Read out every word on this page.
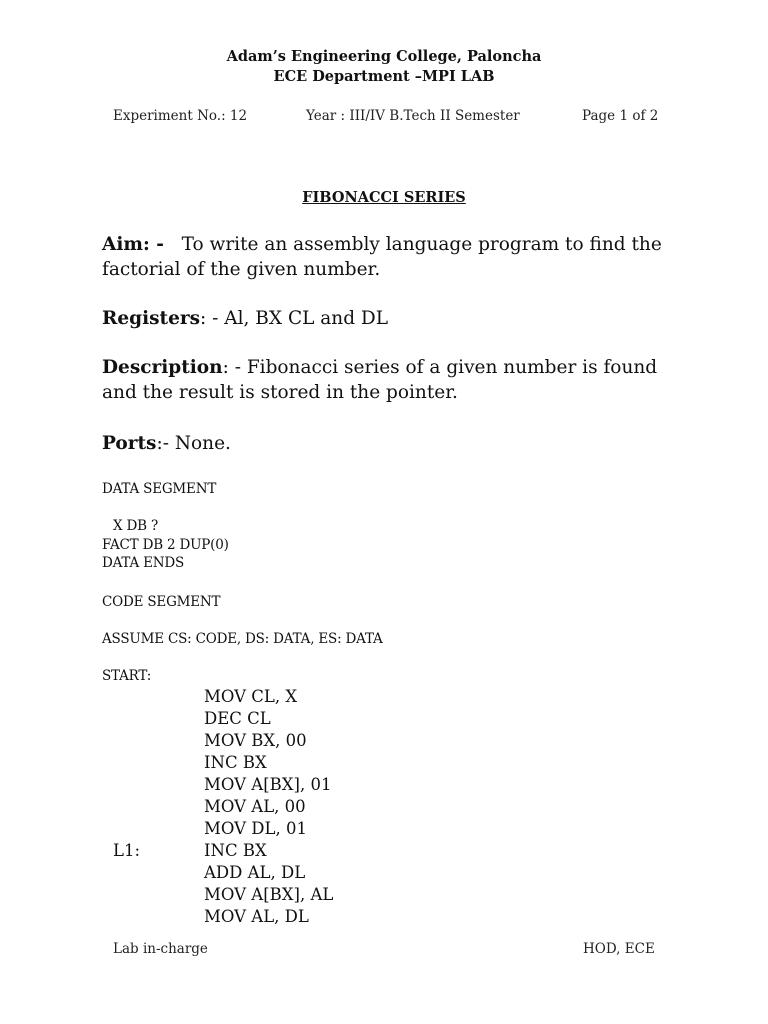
Adam’s Engineering College, Paloncha
ECE Department –MPI LAB
Experiment No.: 12	Year : III/IV B.Tech II Semester	Page 1 of 2
FIBONACCI SERIES
Aim: - To write an assembly language program to find the
factorial of the given number.
Registers: - Al, BX CL and DL
Description: - Fibonacci series of a given number is found
and the result is stored in the pointer.
Ports:- None.
DATA SEGMENT
X DB ?
FACT DB 2 DUP(0)
DATA ENDS
CODE SEGMENT
ASSUME CS: CODE, DS: DATA, ES: DATA
START:
MOV CL, X
DEC CL
MOV BX, 00
INC BX
MOV A[BX], 01
MOV AL, 00
MOV DL, 01
L1:	INC BX
ADD AL, DL
MOV A[BX], AL
MOV AL, DL
Lab in-charge	HOD, ECE
